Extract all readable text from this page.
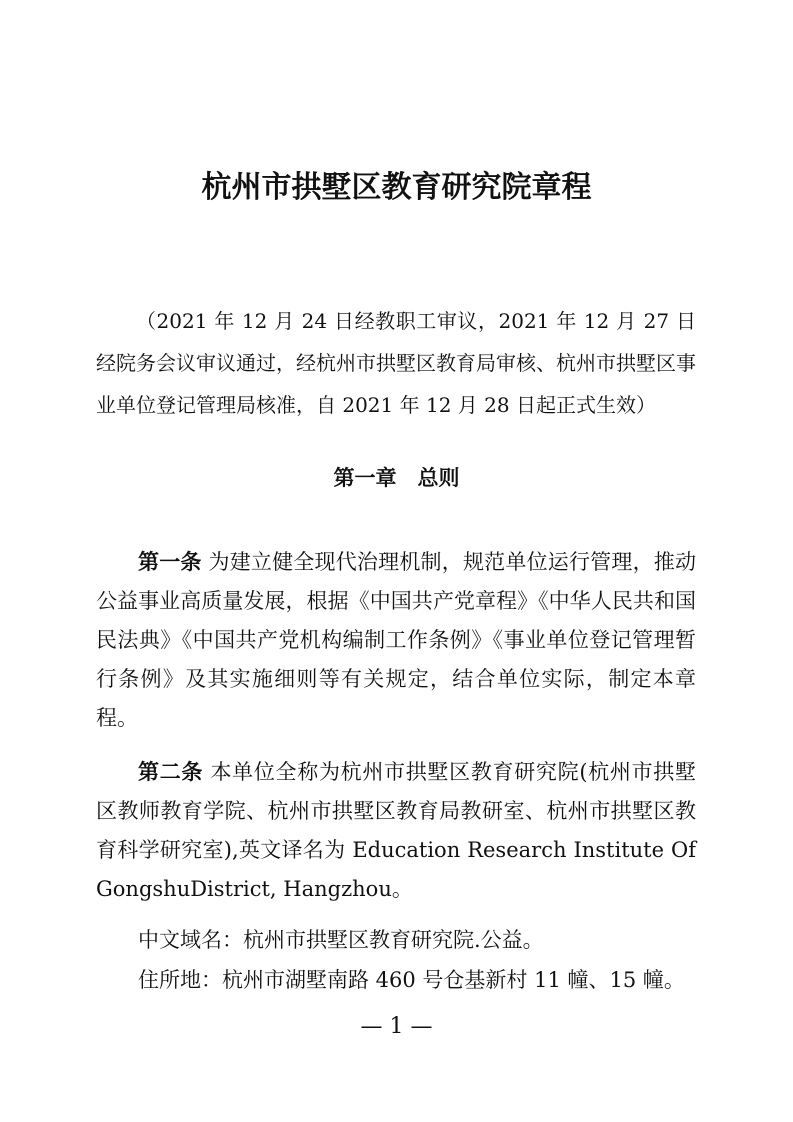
杭州市拱墅区教育研究院章程
（2021 年 12 月 24 日经教职工审议，2021 年 12 月 27 日经院务会议审议通过，经杭州市拱墅区教育局审核、杭州市拱墅区事业单位登记管理局核准，自 2021 年 12 月 28 日起正式生效）
第一章　总则
第一条 为建立健全现代治理机制，规范单位运行管理，推动公益事业高质量发展，根据《中国共产党章程》《中华人民共和国民法典》《中国共产党机构编制工作条例》《事业单位登记管理暂行条例》及其实施细则等有关规定，结合单位实际，制定本章程。
第二条 本单位全称为杭州市拱墅区教育研究院(杭州市拱墅区教师教育学院、杭州市拱墅区教育局教研室、杭州市拱墅区教育科学研究室),英文译名为 Education Research Institute Of GongshuDistrict, Hangzhou。
中文域名：杭州市拱墅区教育研究院.公益。
住所地：杭州市湖墅南路 460 号仓基新村 11 幢、15 幢。
— 1 —
